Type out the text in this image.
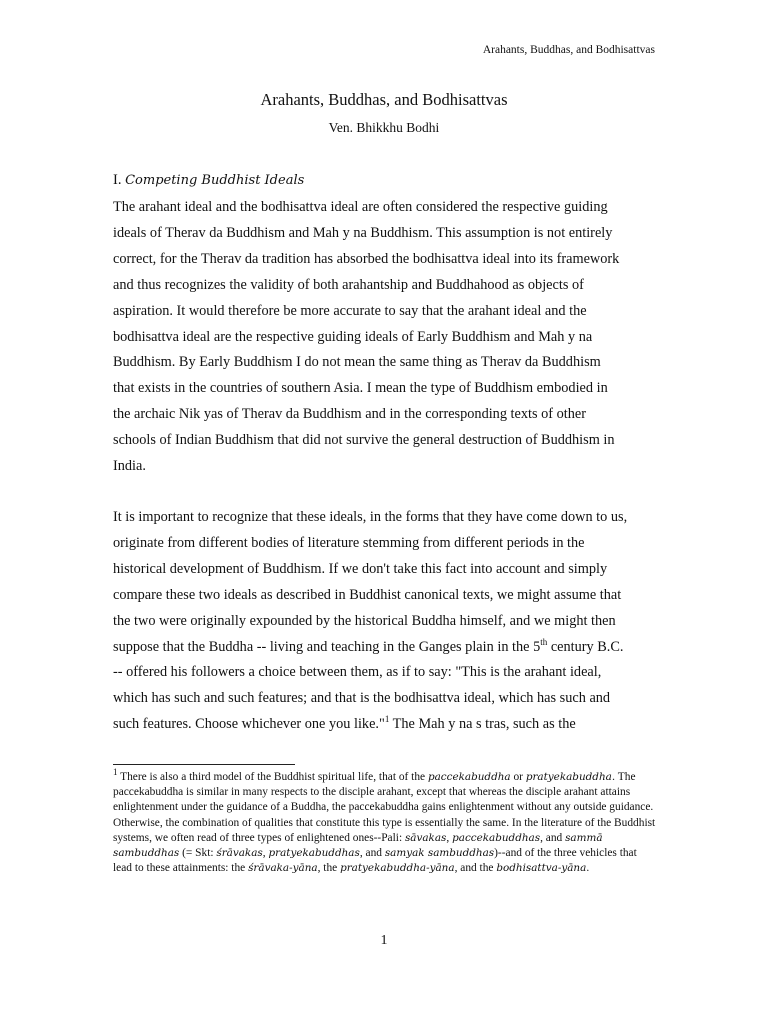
Arahants, Buddhas, and Bodhisattvas
Arahants, Buddhas, and Bodhisattvas
Ven. Bhikkhu Bodhi
I. Competing Buddhist Ideals
The arahant ideal and the bodhisattva ideal are often considered the respective guiding
ideals of Therav da Buddhism and Mah y na Buddhism. This assumption is not entirely
correct, for the Therav da tradition has absorbed the bodhisattva ideal into its framework
and thus recognizes the validity of both arahantship and Buddhahood as objects of
aspiration. It would therefore be more accurate to say that the arahant ideal and the
bodhisattva ideal are the respective guiding ideals of Early Buddhism and Mah y na
Buddhism. By Early Buddhism I do not mean the same thing as Therav da Buddhism
that exists in the countries of southern Asia. I mean the type of Buddhism embodied in
the archaic Nik yas of Therav da Buddhism and in the corresponding texts of other
schools of Indian Buddhism that did not survive the general destruction of Buddhism in
India.
It is important to recognize that these ideals, in the forms that they have come down to us,
originate from different bodies of literature stemming from different periods in the
historical development of Buddhism. If we don't take this fact into account and simply
compare these two ideals as described in Buddhist canonical texts, we might assume that
the two were originally expounded by the historical Buddha himself, and we might then
suppose that the Buddha -- living and teaching in the Ganges plain in the 5th century B.C.
-- offered his followers a choice between them, as if to say: "This is the arahant ideal,
which has such and such features; and that is the bodhisattva ideal, which has such and
such features. Choose whichever one you like."$^1$ The Mah y na s tras, such as the
$^1$ There is also a third model of the Buddhist spiritual life, that of the paccekabuddha or pratyekabuddha. The paccekabuddha is similar in many respects to the disciple arahant, except that whereas the disciple arahant attains enlightenment under the guidance of a Buddha, the paccekabuddha gains enlightenment without any outside guidance. Otherwise, the combination of qualities that constitute this type is essentially the same. In the literature of the Buddhist systems, we often read of three types of enlightened ones--Pali: sāvakas, paccekabuddhas, and sammā sambuddhas (= Skt: śrāvakas, pratyekabuddhas, and samyak sambuddhas)--and of the three vehicles that lead to these attainments: the śrāvaka-yāna, the pratyekabuddha-yāna, and the bodhisattva-yāna.
1
